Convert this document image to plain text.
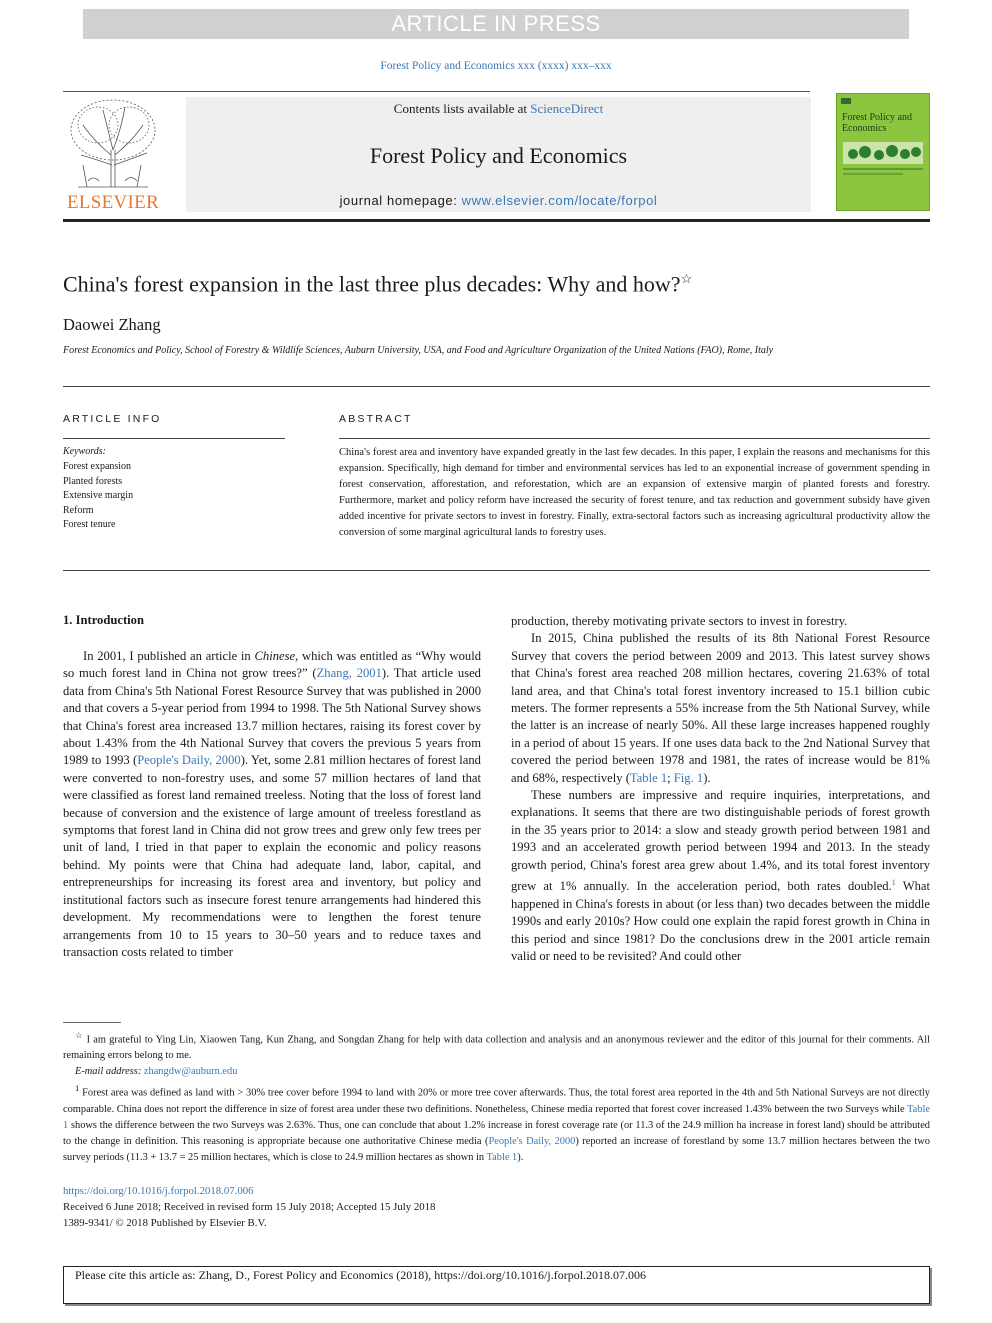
ARTICLE IN PRESS
Forest Policy and Economics xxx (xxxx) xxx–xxx
ELSEVIER
Contents lists available at ScienceDirect
Forest Policy and Economics
journal homepage: www.elsevier.com/locate/forpol
Forest Policy and Economics
China's forest expansion in the last three plus decades: Why and how?☆
Daowei Zhang
Forest Economics and Policy, School of Forestry & Wildlife Sciences, Auburn University, USA, and Food and Agriculture Organization of the United Nations (FAO), Rome, Italy
ARTICLE INFO
Keywords:
Forest expansion
Planted forests
Extensive margin
Reform
Forest tenure
ABSTRACT
China's forest area and inventory have expanded greatly in the last few decades. In this paper, I explain the reasons and mechanisms for this expansion. Specifically, high demand for timber and environmental services has led to an exponential increase of government spending in forest conservation, afforestation, and reforestation, which are an expansion of extensive margin of planted forests and forestry. Furthermore, market and policy reform have increased the security of forest tenure, and tax reduction and government subsidy have given added incentive for private sectors to invest in forestry. Finally, extra-sectoral factors such as increasing agricultural productivity allow the conversion of some marginal agricultural lands to forestry uses.
1. Introduction

In 2001, I published an article in Chinese, which was entitled as “Why would so much forest land in China not grow trees?” (Zhang, 2001). That article used data from China's 5th National Forest Resource Survey that was published in 2000 and that covers a 5-year period from 1994 to 1998. The 5th National Survey shows that China's forest area increased 13.7 million hectares, raising its forest cover by about 1.43% from the 4th National Survey that covers the previous 5 years from 1989 to 1993 (People's Daily, 2000). Yet, some 2.81 million hectares of forest land were converted to non-forestry uses, and some 57 million hectares of land that were classified as forest land remained treeless. Noting that the loss of forest land because of conversion and the existence of large amount of treeless forestland as symptoms that forest land in China did not grow trees and grew only few trees per unit of land, I tried in that paper to explain the economic and policy reasons behind. My points were that China had adequate land, labor, capital, and entrepreneurships for increasing its forest area and inventory, but policy and institutional factors such as insecure forest tenure arrangements had hindered this development. My recommendations were to lengthen the forest tenure arrangements from 10 to 15 years to 30–50 years and to reduce taxes and transaction costs related to timber

production, thereby motivating private sectors to invest in forestry.

In 2015, China published the results of its 8th National Forest Resource Survey that covers the period between 2009 and 2013. This latest survey shows that China's forest area reached 208 million hectares, covering 21.63% of total land area, and that China's total forest inventory increased to 15.1 billion cubic meters. The former represents a 55% increase from the 5th National Survey, while the latter is an increase of nearly 50%. All these large increases happened roughly in a period of about 15 years. If one uses data back to the 2nd National Survey that covered the period between 1978 and 1981, the rates of increase would be 81% and 68%, respectively (Table 1; Fig. 1).

These numbers are impressive and require inquiries, interpretations, and explanations. It seems that there are two distinguishable periods of forest growth in the 35 years prior to 2014: a slow and steady growth period between 1981 and 1993 and an accelerated growth period between 1994 and 2013. In the steady growth period, China's forest area grew about 1.4%, and its total forest inventory grew at 1% annually. In the acceleration period, both rates doubled.$^1$ What happened in China's forests in about (or less than) two decades between the middle 1990s and early 2010s? How could one explain the rapid forest growth in China in this period and since 1981? Do the conclusions drew in the 2001 article remain valid or need to be revisited? And could other

☆ I am grateful to Ying Lin, Xiaowen Tang, Kun Zhang, and Songdan Zhang for help with data collection and analysis and an anonymous reviewer and the editor of this journal for their comments. All remaining errors belong to me.

E-mail address: zhangdw@auburn.edu

$^1$ Forest area was defined as land with > 30% tree cover before 1994 to land with 20% or more tree cover afterwards. Thus, the total forest area reported in the 4th and 5th National Surveys are not directly comparable. China does not report the difference in size of forest area under these two definitions. Nonetheless, Chinese media reported that forest cover increased 1.43% between the two Surveys while Table 1 shows the difference between the two Surveys was 2.63%. Thus, one can conclude that about 1.2% increase in forest coverage rate (or 11.3 of the 24.9 million ha increase in forest land) should be attributed to the change in definition. This reasoning is appropriate because one authoritative Chinese media (People's Daily, 2000) reported an increase of forestland by some 13.7 million hectares between the two survey periods (11.3 + 13.7 = 25 million hectares, which is close to 24.9 million hectares as shown in Table 1).

https://doi.org/10.1016/j.forpol.2018.07.006
Received 6 June 2018; Received in revised form 15 July 2018; Accepted 15 July 2018
1389-9341/ © 2018 Published by Elsevier B.V.
Please cite this article as: Zhang, D., Forest Policy and Economics (2018), https://doi.org/10.1016/j.forpol.2018.07.006
